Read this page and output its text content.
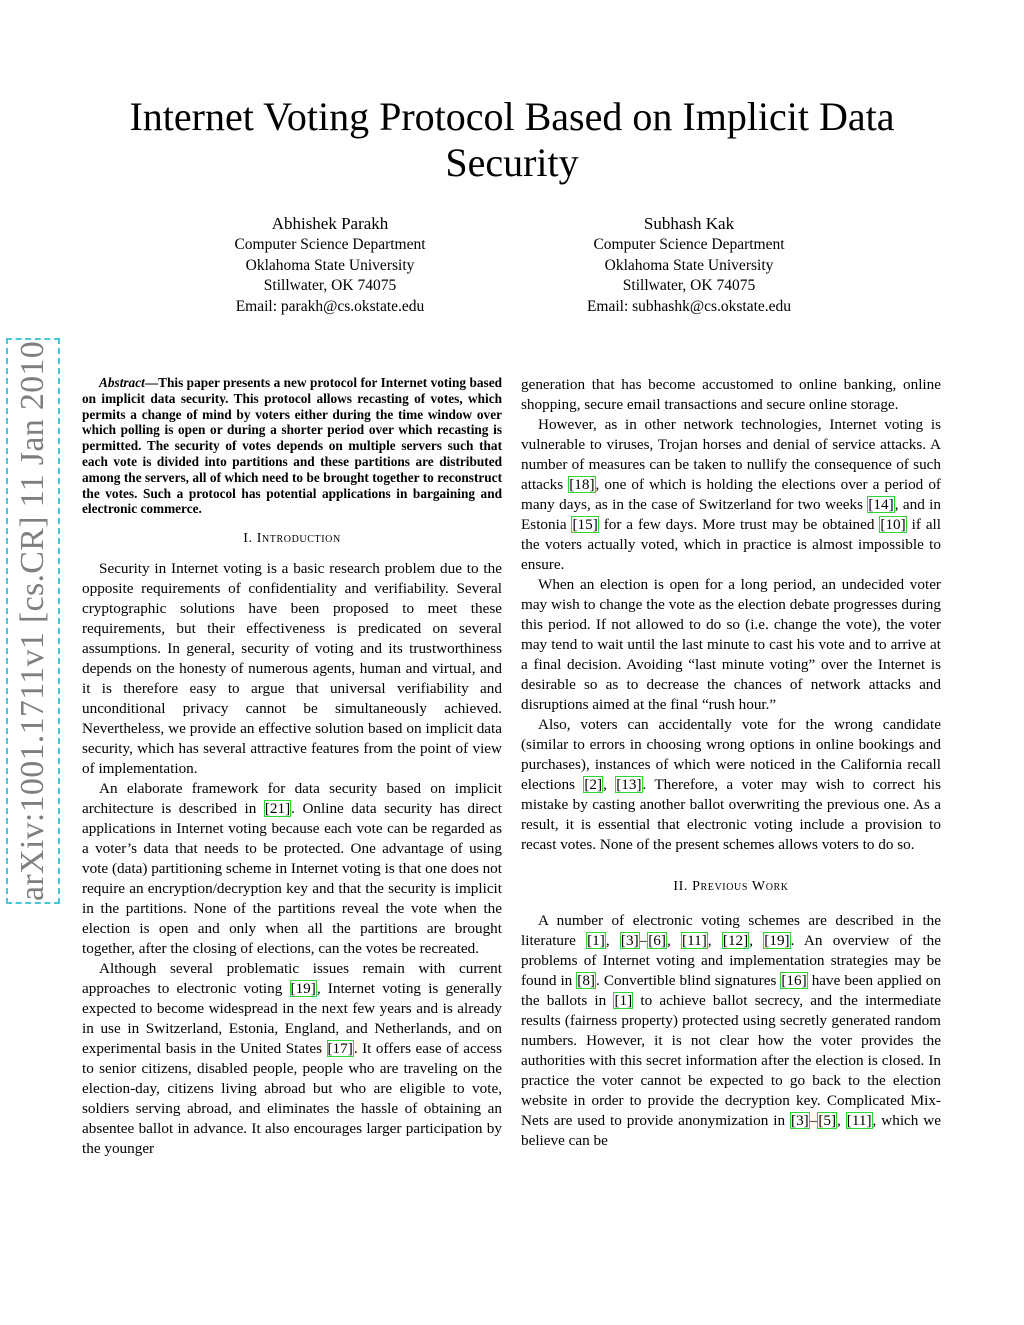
Internet Voting Protocol Based on Implicit Data Security
Abhishek Parakh
Computer Science Department
Oklahoma State University
Stillwater, OK 74075
Email: parakh@cs.okstate.edu
Subhash Kak
Computer Science Department
Oklahoma State University
Stillwater, OK 74075
Email: subhashk@cs.okstate.edu
arXiv:1001.1711v1 [cs.CR] 11 Jan 2010	Abstract—This paper presents a new protocol for Internet voting based on implicit data security. This protocol allows recasting of votes, which permits a change of mind by voters either during the time window over which polling is open or during a shorter period over which recasting is permitted. The security of votes depends on multiple servers such that each vote is divided into partitions and these partitions are distributed among the servers, all of which need to be brought together to reconstruct the votes. Such a protocol has potential applications in bargaining and electronic commerce.

I. Introduction

Security in Internet voting is a basic research problem due to the opposite requirements of confidentiality and verifiability. Several cryptographic solutions have been proposed to meet these requirements, but their effectiveness is predicated on several assumptions. In general, security of voting and its trustworthiness depends on the honesty of numerous agents, human and virtual, and it is therefore easy to argue that universal verifiability and unconditional privacy cannot be simultaneously achieved. Nevertheless, we provide an effective solution based on implicit data security, which has several attractive features from the point of view of implementation.

An elaborate framework for data security based on implicit architecture is described in [21]. Online data security has direct applications in Internet voting because each vote can be regarded as a voter’s data that needs to be protected. One advantage of using vote (data) partitioning scheme in Internet voting is that one does not require an encryption/decryption key and that the security is implicit in the partitions. None of the partitions reveal the vote when the election is open and only when all the partitions are brought together, after the closing of elections, can the votes be recreated.

Although several problematic issues remain with current approaches to electronic voting [19], Internet voting is generally expected to become widespread in the next few years and is already in use in Switzerland, Estonia, England, and Netherlands, and on experimental basis in the United States [17]. It offers ease of access to senior citizens, disabled people, people who are traveling on the election-day, citizens living abroad but who are eligible to vote, soldiers serving abroad, and eliminates the hassle of obtaining an absentee ballot in advance. It also encourages larger participation by the younger

generation that has become accustomed to online banking, online shopping, secure email transactions and secure online storage.

However, as in other network technologies, Internet voting is vulnerable to viruses, Trojan horses and denial of service attacks. A number of measures can be taken to nullify the consequence of such attacks [18], one of which is holding the elections over a period of many days, as in the case of Switzerland for two weeks [14], and in Estonia [15] for a few days. More trust may be obtained [10] if all the voters actually voted, which in practice is almost impossible to ensure.

When an election is open for a long period, an undecided voter may wish to change the vote as the election debate progresses during this period. If not allowed to do so (i.e. change the vote), the voter may tend to wait until the last minute to cast his vote and to arrive at a final decision. Avoiding “last minute voting” over the Internet is desirable so as to decrease the chances of network attacks and disruptions aimed at the final “rush hour.”

Also, voters can accidentally vote for the wrong candidate (similar to errors in choosing wrong options in online bookings and purchases), instances of which were noticed in the California recall elections [2], [13]. Therefore, a voter may wish to correct his mistake by casting another ballot overwriting the previous one. As a result, it is essential that electronic voting include a provision to recast votes. None of the present schemes allows voters to do so.

II. Previous Work

A number of electronic voting schemes are described in the literature [1], [3]–[6], [11], [12], [19]. An overview of the problems of Internet voting and implementation strategies may be found in [8]. Convertible blind signatures [16] have been applied on the ballots in [1] to achieve ballot secrecy, and the intermediate results (fairness property) protected using secretly generated random numbers. However, it is not clear how the voter provides the authorities with this secret information after the election is closed. In practice the voter cannot be expected to go back to the election website in order to provide the decryption key. Complicated Mix-Nets are used to provide anonymization in [3]–[5], [11], which we believe can be
